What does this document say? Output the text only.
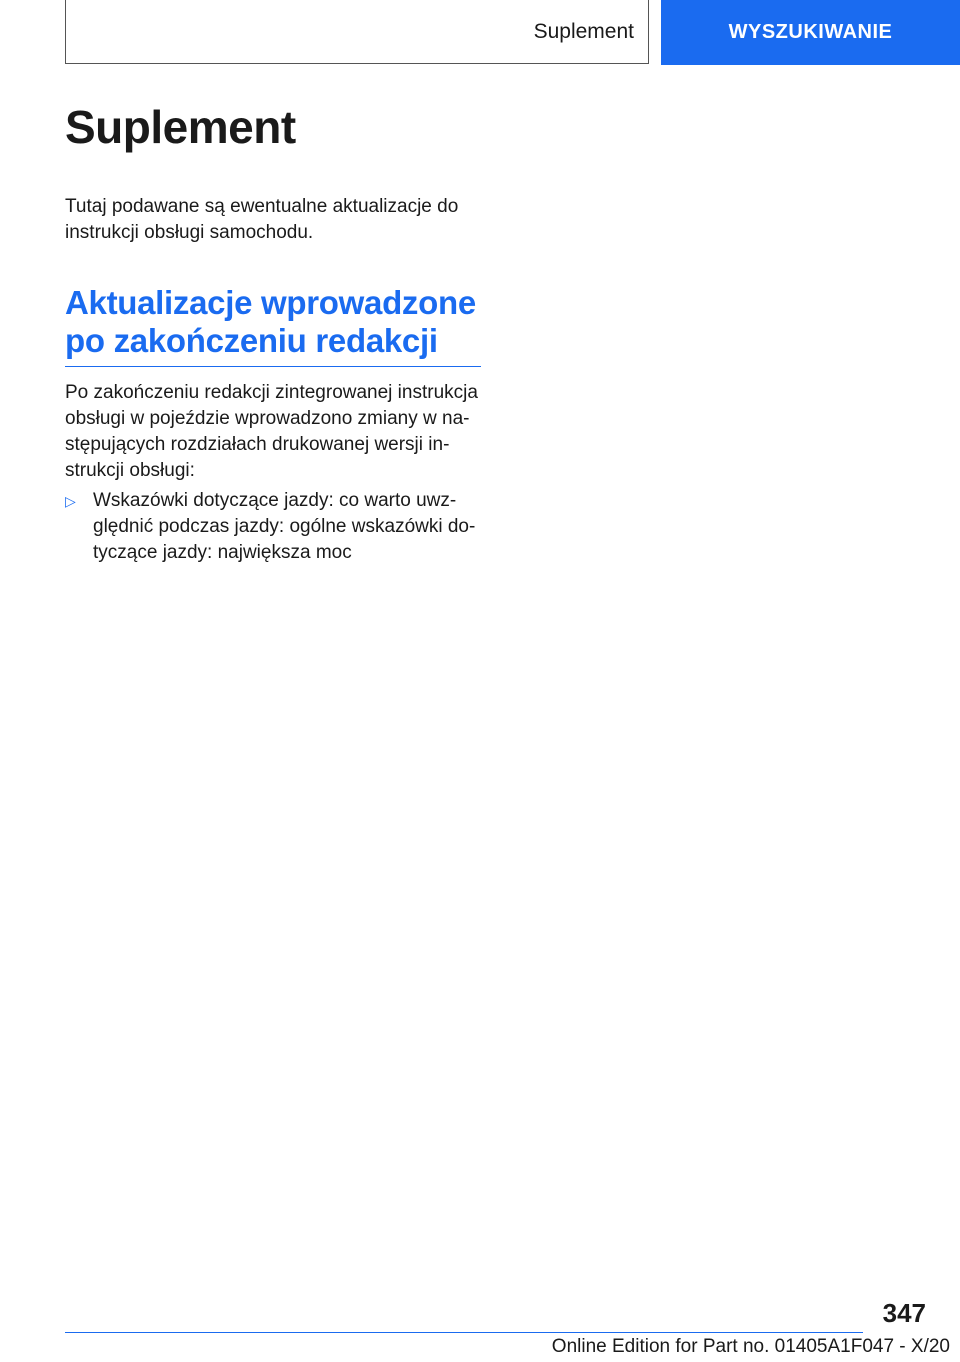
Suplement	WYSZUKIWANIE
Suplement

Tutaj podawane są ewentualne aktualizacje do
instrukcji obsługi samochodu.

Aktualizacje wprowadzone
po zakończeniu redakcji

Po zakończeniu redakcji zintegrowanej instrukcja
obsługi w pojeździe wprowadzono zmiany w na-
stępujących rozdziałach drukowanej wersji in-
strukcji obsługi:

▷ Wskazówki dotyczące jazdy: co warto uwz-
ględnić podczas jazdy: ogólne wskazówki do-
tyczące jazdy: największa moc
347
Online Edition for Part no. 01405A1F047 - X/20
